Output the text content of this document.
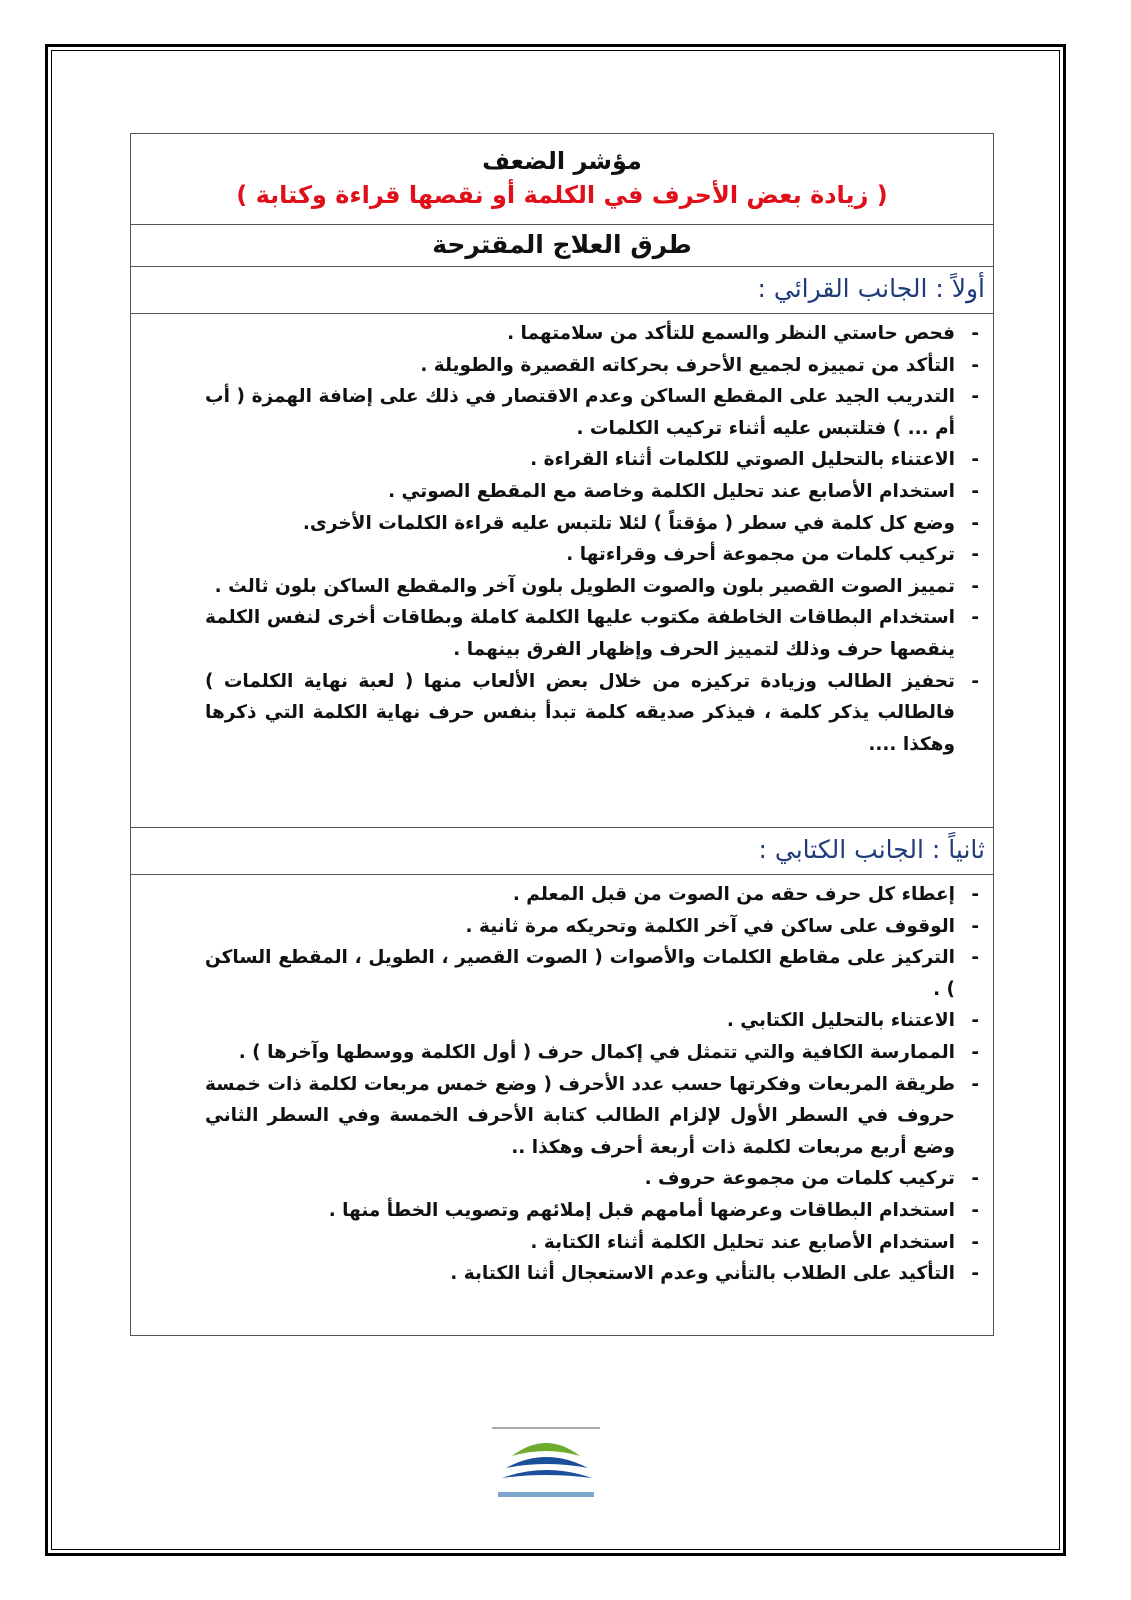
مؤشر الضعف
( زيادة بعض الأحرف في الكلمة أو نقصها قراءة وكتابة )
طرق العلاج المقترحة
أولاً : الجانب القرائي :
- فحص حاستي النظر والسمع للتأكد من سلامتهما .
- التأكد من تمييزه لجميع الأحرف بحركاته القصيرة والطويلة .
- التدريب الجيد على المقطع الساكن وعدم الاقتصار في ذلك على إضافة الهمزة ( أب أم ... ) فتلتبس عليه أثناء تركيب الكلمات .
- الاعتناء بالتحليل الصوتي للكلمات أثناء القراءة .
- استخدام الأصابع عند تحليل الكلمة وخاصة مع المقطع الصوتي .
- وضع كل كلمة في سطر ( مؤقتاً ) لئلا تلتبس عليه قراءة الكلمات الأخرى.
- تركيب كلمات من مجموعة أحرف وقراءتها .
- تمييز الصوت القصير بلون والصوت الطويل بلون آخر والمقطع الساكن بلون ثالث .
- استخدام البطاقات الخاطفة مكتوب عليها الكلمة كاملة وبطاقات أخرى لنفس الكلمة ينقصها حرف وذلك لتمييز الحرف وإظهار الفرق بينهما .
- تحفيز الطالب وزيادة تركيزه من خلال بعض الألعاب منها ( لعبة نهاية الكلمات ) فالطالب يذكر كلمة ، فيذكر صديقه كلمة تبدأ بنفس حرف نهاية الكلمة التي ذكرها وهكذا ....
ثانياً : الجانب الكتابي :
- إعطاء كل حرف حقه من الصوت من قبل المعلم .
- الوقوف على ساكن في آخر الكلمة وتحريكه مرة ثانية .
- التركيز على مقاطع الكلمات والأصوات ( الصوت القصير ، الطويل ، المقطع الساكن ) .
- الاعتناء بالتحليل الكتابي .
- الممارسة الكافية والتي تتمثل في إكمال حرف ( أول الكلمة ووسطها وآخرها ) .
- طريقة المربعات وفكرتها حسب عدد الأحرف ( وضع خمس مربعات لكلمة ذات خمسة حروف في السطر الأول لإلزام الطالب كتابة الأحرف الخمسة وفي السطر الثاني وضع أربع مربعات لكلمة ذات أربعة أحرف وهكذا ..
- تركيب كلمات من مجموعة حروف .
- استخدام البطاقات وعرضها أمامهم قبل إملائهم وتصويب الخطأ منها .
- استخدام الأصابع عند تحليل الكلمة أثناء الكتابة .
- التأكيد على الطلاب بالتأني وعدم الاستعجال أثنا الكتابة .
